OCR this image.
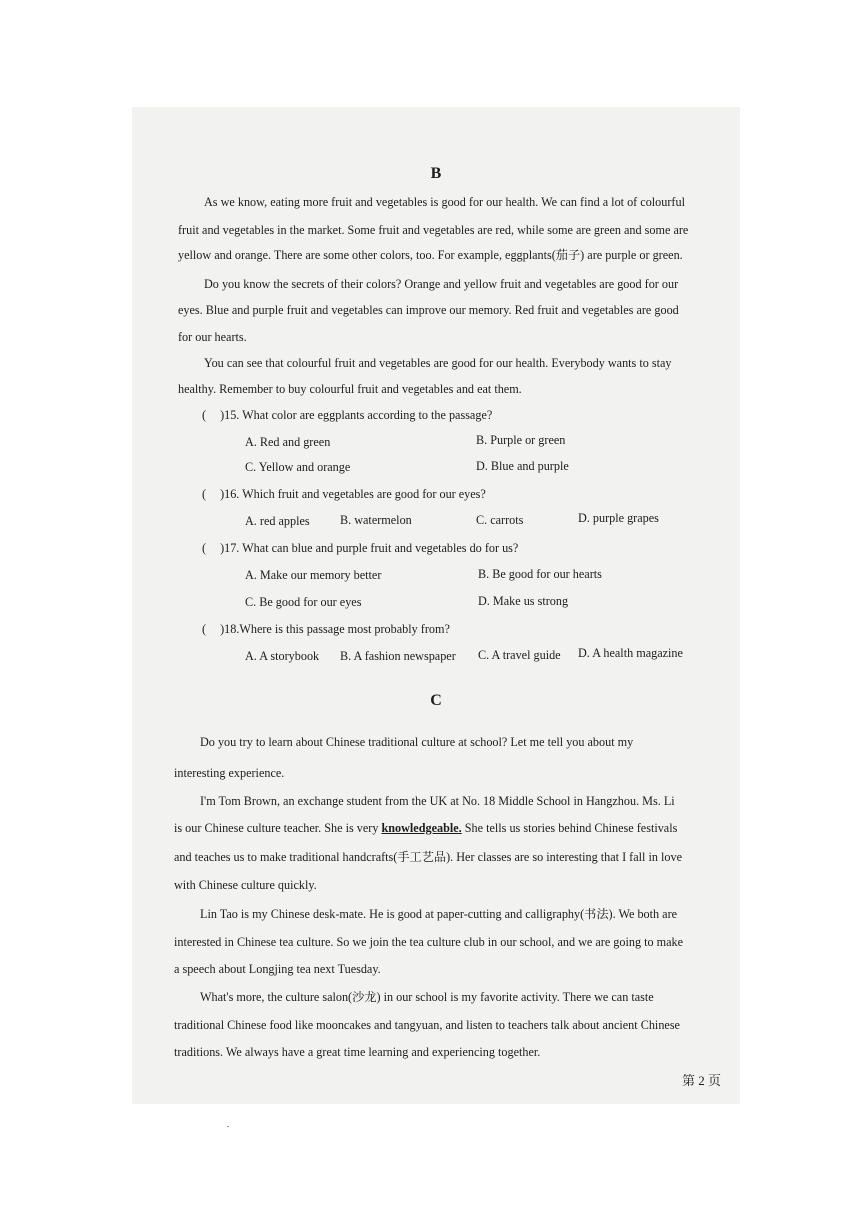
B
As we know, eating more fruit and vegetables is good for our health. We can find a lot of colourful
fruit and vegetables in the market. Some fruit and vegetables are red, while some are green and some are
yellow and orange. There are some other colors, too. For example, eggplants(茄子) are purple or green.
Do you know the secrets of their colors? Orange and yellow fruit and vegetables are good for our
eyes. Blue and purple fruit and vegetables can improve our memory. Red fruit and vegetables are good
for our hearts.
You can see that colourful fruit and vegetables are good for our health. Everybody wants to stay
healthy. Remember to buy colourful fruit and vegetables and eat them.
( )15. What color are eggplants according to the passage?
A. Red and green	B. Purple or green
C. Yellow and orange	D. Blue and purple
( )16. Which fruit and vegetables are good for our eyes?
A. red apples B. watermelon	C. carrots	D. purple grapes
( )17. What can blue and purple fruit and vegetables do for us?
A. Make our memory better	B. Be good for our hearts
C. Be good for our eyes	D. Make us strong
( )18.Where is this passage most probably from?
A. A storybook B. A fashion newspaper C. A travel guide D. A health magazine
C
Do you try to learn about Chinese traditional culture at school? Let me tell you about my
interesting experience.
I'm Tom Brown, an exchange student from the UK at No. 18 Middle School in Hangzhou. Ms. Li
is our Chinese culture teacher. She is very knowledgeable. She tells us stories behind Chinese festivals
and teaches us to make traditional handcrafts(手工艺品). Her classes are so interesting that I fall in love
with Chinese culture quickly.
Lin Tao is my Chinese desk-mate. He is good at paper-cutting and calligraphy(书法). We both are
interested in Chinese tea culture. So we join the tea culture club in our school, and we are going to make
a speech about Longjing tea next Tuesday.
What's more, the culture salon(沙龙) in our school is my favorite activity. There we can taste
traditional Chinese food like mooncakes and tangyuan, and listen to teachers talk about ancient Chinese
traditions. We always have a great time learning and experiencing together.
第 2 页
